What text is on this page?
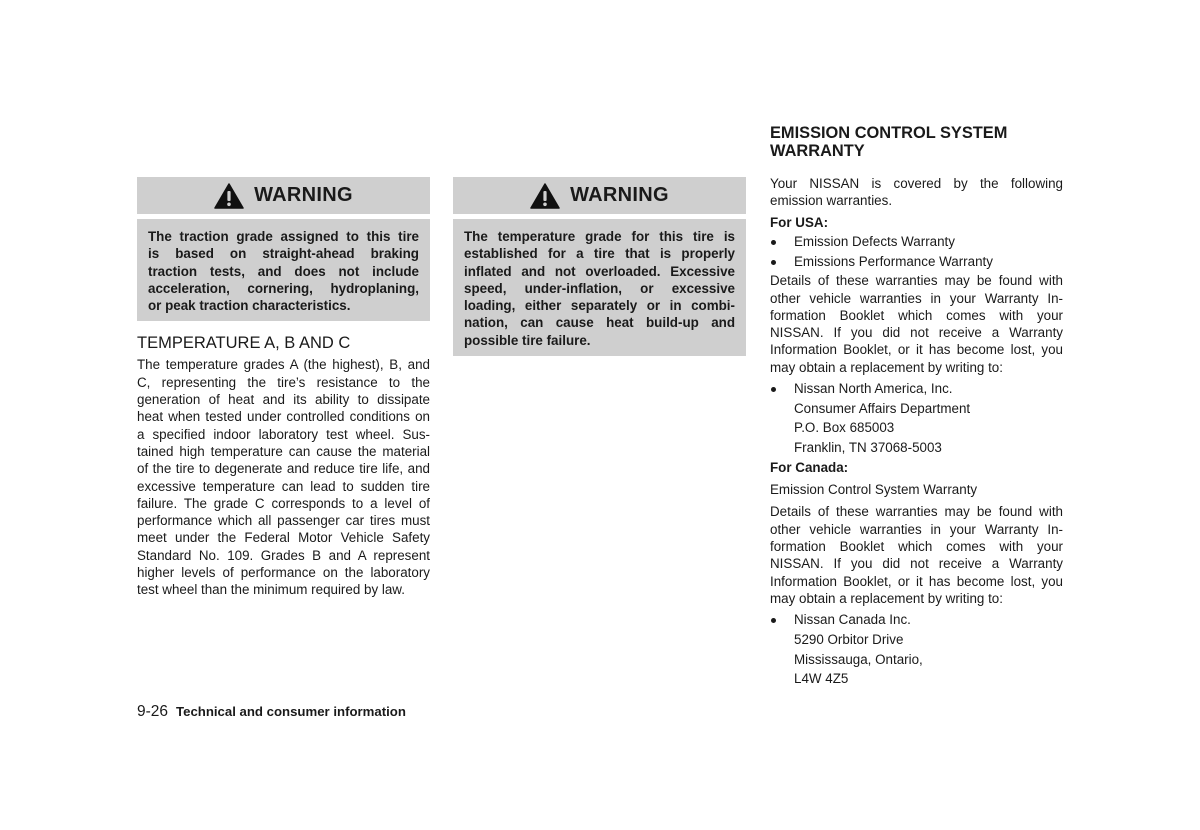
WARNING
The traction grade assigned to this tire
is based on straight-ahead braking
traction tests, and does not include
acceleration, cornering, hydroplaning,
or peak traction characteristics.
TEMPERATURE A, B AND C
The temperature grades A (the highest), B, and
C, representing the tire’s resistance to the
generation of heat and its ability to dissipate
heat when tested under controlled conditions on
a specified indoor laboratory test wheel. Sus-
tained high temperature can cause the material
of the tire to degenerate and reduce tire life, and
excessive temperature can lead to sudden tire
failure. The grade C corresponds to a level of
performance which all passenger car tires must
meet under the Federal Motor Vehicle Safety
Standard No. 109. Grades B and A represent
higher levels of performance on the laboratory
test wheel than the minimum required by law.
WARNING
The temperature grade for this tire is
established for a tire that is properly
inflated and not overloaded. Excessive
speed, under-inflation, or excessive
loading, either separately or in combi-
nation, can cause heat build-up and
possible tire failure.
EMISSION CONTROL SYSTEM
WARRANTY
Your NISSAN is covered by the following
emission warranties.
For USA:
Emission Defects Warranty
Emissions Performance Warranty
Details of these warranties may be found with
other vehicle warranties in your Warranty In-
formation Booklet which comes with your
NISSAN. If you did not receive a Warranty
Information Booklet, or it has become lost, you
may obtain a replacement by writing to:
Nissan North America, Inc.
Consumer Affairs Department
P.O. Box 685003
Franklin, TN 37068-5003
For Canada:
Emission Control System Warranty
Details of these warranties may be found with
other vehicle warranties in your Warranty In-
formation Booklet which comes with your
NISSAN. If you did not receive a Warranty
Information Booklet, or it has become lost, you
may obtain a replacement by writing to:
Nissan Canada Inc.
5290 Orbitor Drive
Mississauga, Ontario,
L4W 4Z5
9-26 Technical and consumer information
